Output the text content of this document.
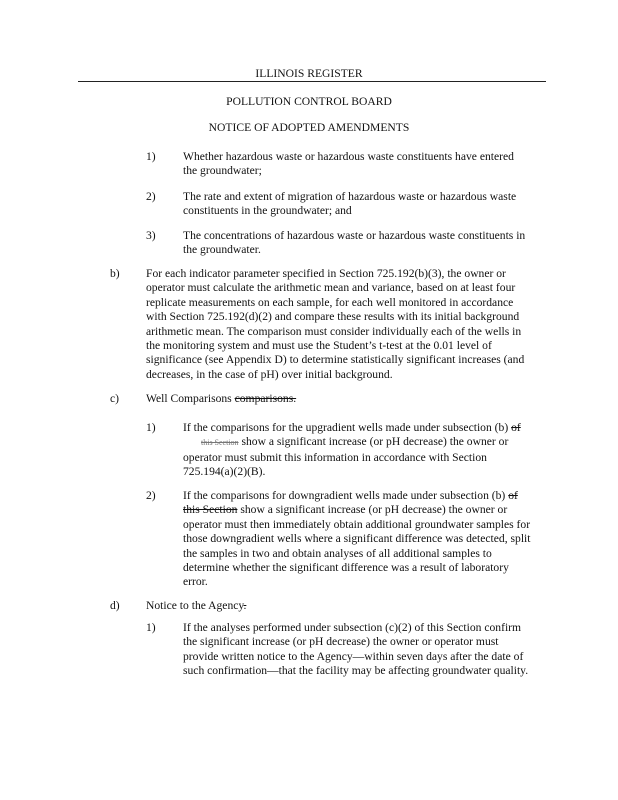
ILLINOIS REGISTER
POLLUTION CONTROL BOARD
NOTICE OF ADOPTED AMENDMENTS
1) Whether hazardous waste or hazardous waste constituents have entered
the groundwater;
2) The rate and extent of migration of hazardous waste or hazardous waste
constituents in the groundwater; and
3) The concentrations of hazardous waste or hazardous waste constituents in
the groundwater.
b) For each indicator parameter specified in Section 725.192(b)(3), the owner or
operator must calculate the arithmetic mean and variance, based on at least four
replicate measurements on each sample, for each well monitored in accordance
with Section 725.192(d)(2) and compare these results with its initial background
arithmetic mean. The comparison must consider individually each of the wells in
the monitoring system and must use the Student’s t-test at the 0.01 level of
significance (see Appendix D) to determine statistically significant increases (and
decreases, in the case of pH) over initial background.
c) Well Comparisons comparisons.
1) If the comparisons for the upgradient wells made under subsection (b) of
this Section show a significant increase (or pH decrease) the owner or
operator must submit this information in accordance with Section
725.194(a)(2)(B).
2) If the comparisons for downgradient wells made under subsection (b) of
this Section show a significant increase (or pH decrease) the owner or
operator must then immediately obtain additional groundwater samples for
those downgradient wells where a significant difference was detected, split
the samples in two and obtain analyses of all additional samples to
determine whether the significant difference was a result of laboratory
error.
d) Notice to the Agency.
1) If the analyses performed under subsection (c)(2) of this Section confirm
the significant increase (or pH decrease) the owner or operator must
provide written notice to the Agency—within seven days after the date of
such confirmation—that the facility may be affecting groundwater quality.
